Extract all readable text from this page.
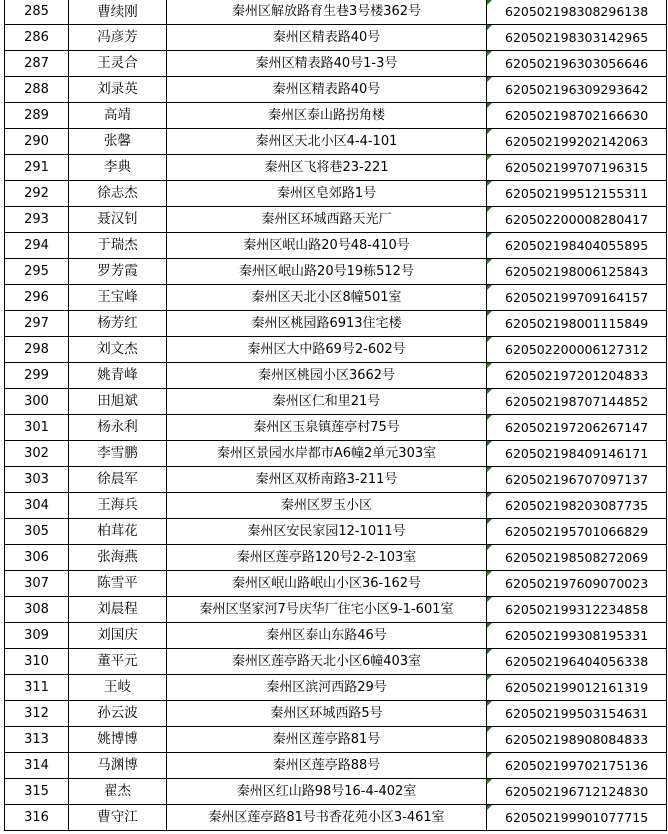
285	曹续刚	秦州区解放路育生巷3号楼362号	620502198308296138
286	冯彦芳	秦州区精表路40号	620502198303142965
287	王灵合	秦州区精表路40号1-3号	620502196303056646
288	刘录英	秦州区精表路40号	620502196309293642
289	高靖	秦州区泰山路拐角楼	620502198702166630
290	张馨	秦州区天北小区4-4-101	620502199202142063
291	李典	秦州区飞将巷23-221	620502199707196315
292	徐志杰	秦州区皂郊路1号	620502199512155311
293	聂汉钊	秦州区环城西路天光厂	620502200008280417
294	于瑞杰	秦州区岷山路20号48-410号	620502198404055895
295	罗芳霞	秦州区岷山路20号19栋512号	620502198006125843
296	王宝峰	秦州区天北小区8幢501室	620502199709164157
297	杨芳红	秦州区桃园路6913住宅楼	620502198001115849
298	刘文杰	秦州区大中路69号2-602号	620502200006127312
299	姚青峰	秦州区桃园小区3662号	620502197201204833
300	田旭斌	秦州区仁和里21号	620502198707144852
301	杨永利	秦州区玉泉镇莲亭村75号	620502197206267147
302	李雪鹏	秦州区景园水岸都市A6幢2单元303室	620502198409146171
303	徐晨军	秦州区双桥南路3-211号	620502196707097137
304	王海兵	秦州区罗玉小区	620502198203087735
305	柏茸花	秦州区安民家园12-1011号	620502195701066829
306	张海燕	秦州区莲亭路120号2-2-103室	620502198508272069
307	陈雪平	秦州区岷山路岷山小区36-162号	620502197609070023
308	刘晨程	秦州区坚家河7号庆华厂住宅小区9-1-601室	620502199312234858
309	刘国庆	秦州区泰山东路46号	620502199308195331
310	董平元	秦州区莲亭路天北小区6幢403室	620502196404056338
311	王岐	秦州区滨河西路29号	620502199012161319
312	孙云波	秦州区环城西路5号	620502199503154631
313	姚博博	秦州区莲亭路81号	620502198908084833
314	马渊博	秦州区莲亭路88号	620502199702175136
315	翟杰	秦州区红山路98号16-4-402室	620502196712124830
316	曹守江	秦州区莲亭路81号书香花苑小区3-461室	620502199901077715
